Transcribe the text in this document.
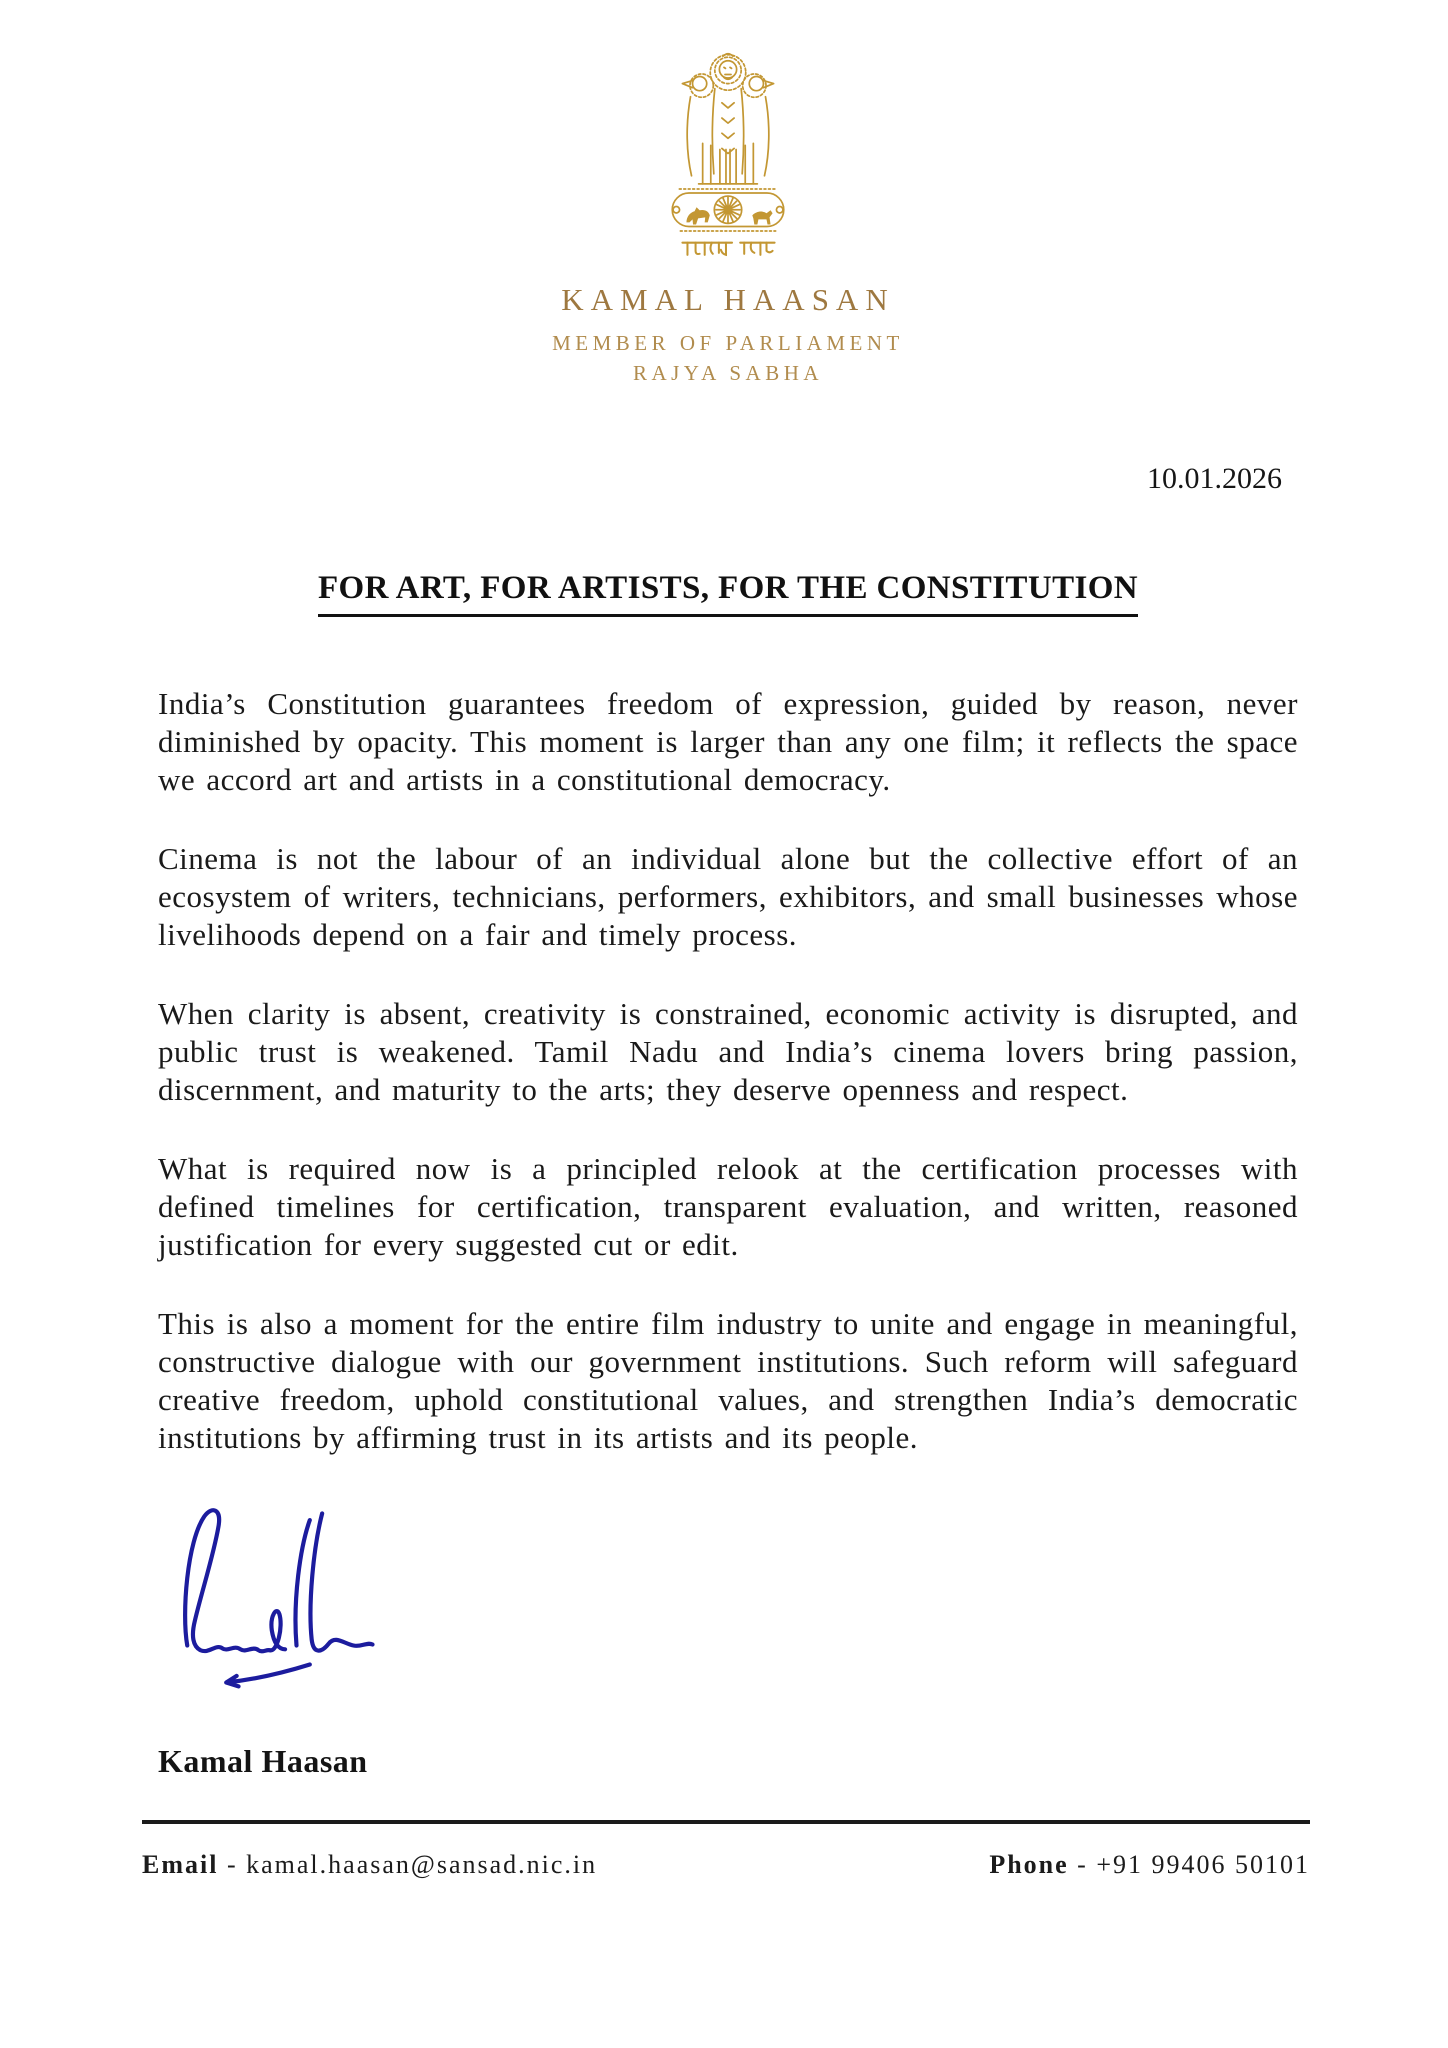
KAMAL HAASAN
MEMBER OF PARLIAMENT
RAJYA SABHA
10.01.2026
FOR ART, FOR ARTISTS, FOR THE CONSTITUTION

India’s Constitution guarantees freedom of expression, guided by reason, never diminished by opacity. This moment is larger than any one film; it reflects the space we accord art and artists in a constitutional democracy.

Cinema is not the labour of an individual alone but the collective effort of an ecosystem of writers, technicians, performers, exhibitors, and small businesses whose livelihoods depend on a fair and timely process.

When clarity is absent, creativity is constrained, economic activity is disrupted, and public trust is weakened. Tamil Nadu and India’s cinema lovers bring passion, discernment, and maturity to the arts; they deserve openness and respect.

What is required now is a principled relook at the certification processes with defined timelines for certification, transparent evaluation, and written, reasoned justification for every suggested cut or edit.

This is also a moment for the entire film industry to unite and engage in meaningful, constructive dialogue with our government institutions. Such reform will safeguard creative freedom, uphold constitutional values, and strengthen India’s democratic institutions by affirming trust in its artists and its people.

Kamal Haasan
Email - kamal.haasan@sansad.nic.in	Phone - +91 99406 50101
